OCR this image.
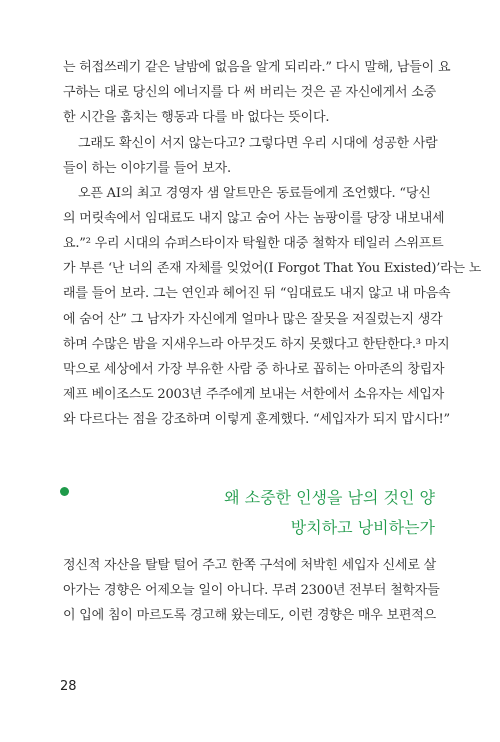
는 허접쓰레기 같은 날밤에 없음을 알게 되리라.” 다시 말해, 남들이 요

구하는 대로 당신의 에너지를 다 써 버리는 것은 곧 자신에게서 소중

한 시간을 훔치는 행동과 다를 바 없다는 뜻이다.

그래도 확신이 서지 않는다고? 그렇다면 우리 시대에 성공한 사람

들이 하는 이야기를 들어 보자.

오픈 AI의 최고 경영자 샘 알트만은 동료들에게 조언했다. “당신

의 머릿속에서 임대료도 내지 않고 숨어 사는 놈팡이를 당장 내보내세

요.”² 우리 시대의 슈퍼스타이자 탁월한 대중 철학자 테일러 스위프트

가 부른 ‘난 너의 존재 자체를 잊었어(I Forgot That You Existed)’라는 노

래를 들어 보라. 그는 연인과 헤어진 뒤 “임대료도 내지 않고 내 마음속

에 숨어 산” 그 남자가 자신에게 얼마나 많은 잘못을 저질렀는지 생각

하며 수많은 밤을 지새우느라 아무것도 하지 못했다고 한탄한다.³ 마지

막으로 세상에서 가장 부유한 사람 중 하나로 꼽히는 아마존의 창립자

제프 베이조스도 2003년 주주에게 보내는 서한에서 소유자는 세입자

와 다르다는 점을 강조하며 이렇게 훈계했다. “세입자가 되지 맙시다!”

왜 소중한 인생을 남의 것인 양
방치하고 낭비하는가

정신적 자산을 탈탈 털어 주고 한쪽 구석에 처박힌 세입자 신세로 살

아가는 경향은 어제오늘 일이 아니다. 무려 2300년 전부터 철학자들

이 입에 침이 마르도록 경고해 왔는데도, 이런 경향은 매우 보편적으

28
